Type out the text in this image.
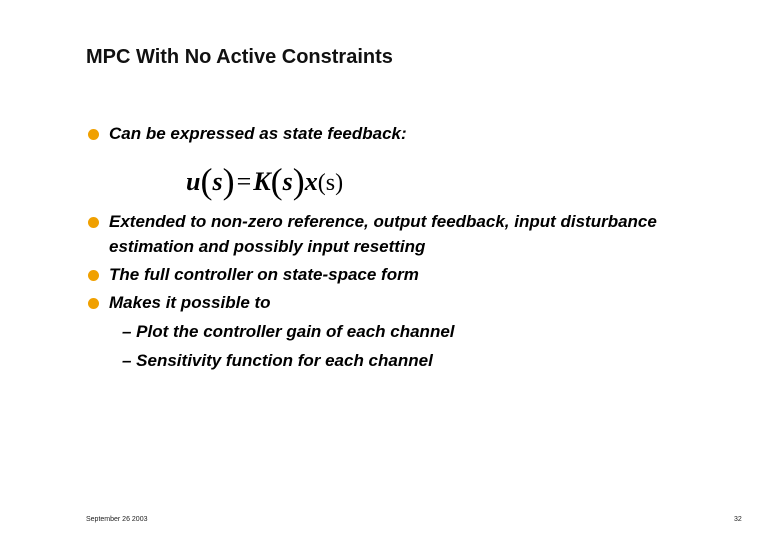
MPC With No Active Constraints
Can be expressed as state feedback:
u(s)=K(s)x(s)
Extended to non-zero reference, output feedback, input disturbance
estimation and possibly input resetting
The full controller on state-space form
Makes it possible to
– Plot the controller gain of each channel
– Sensitivity function for each channel
September 26 2003	32
